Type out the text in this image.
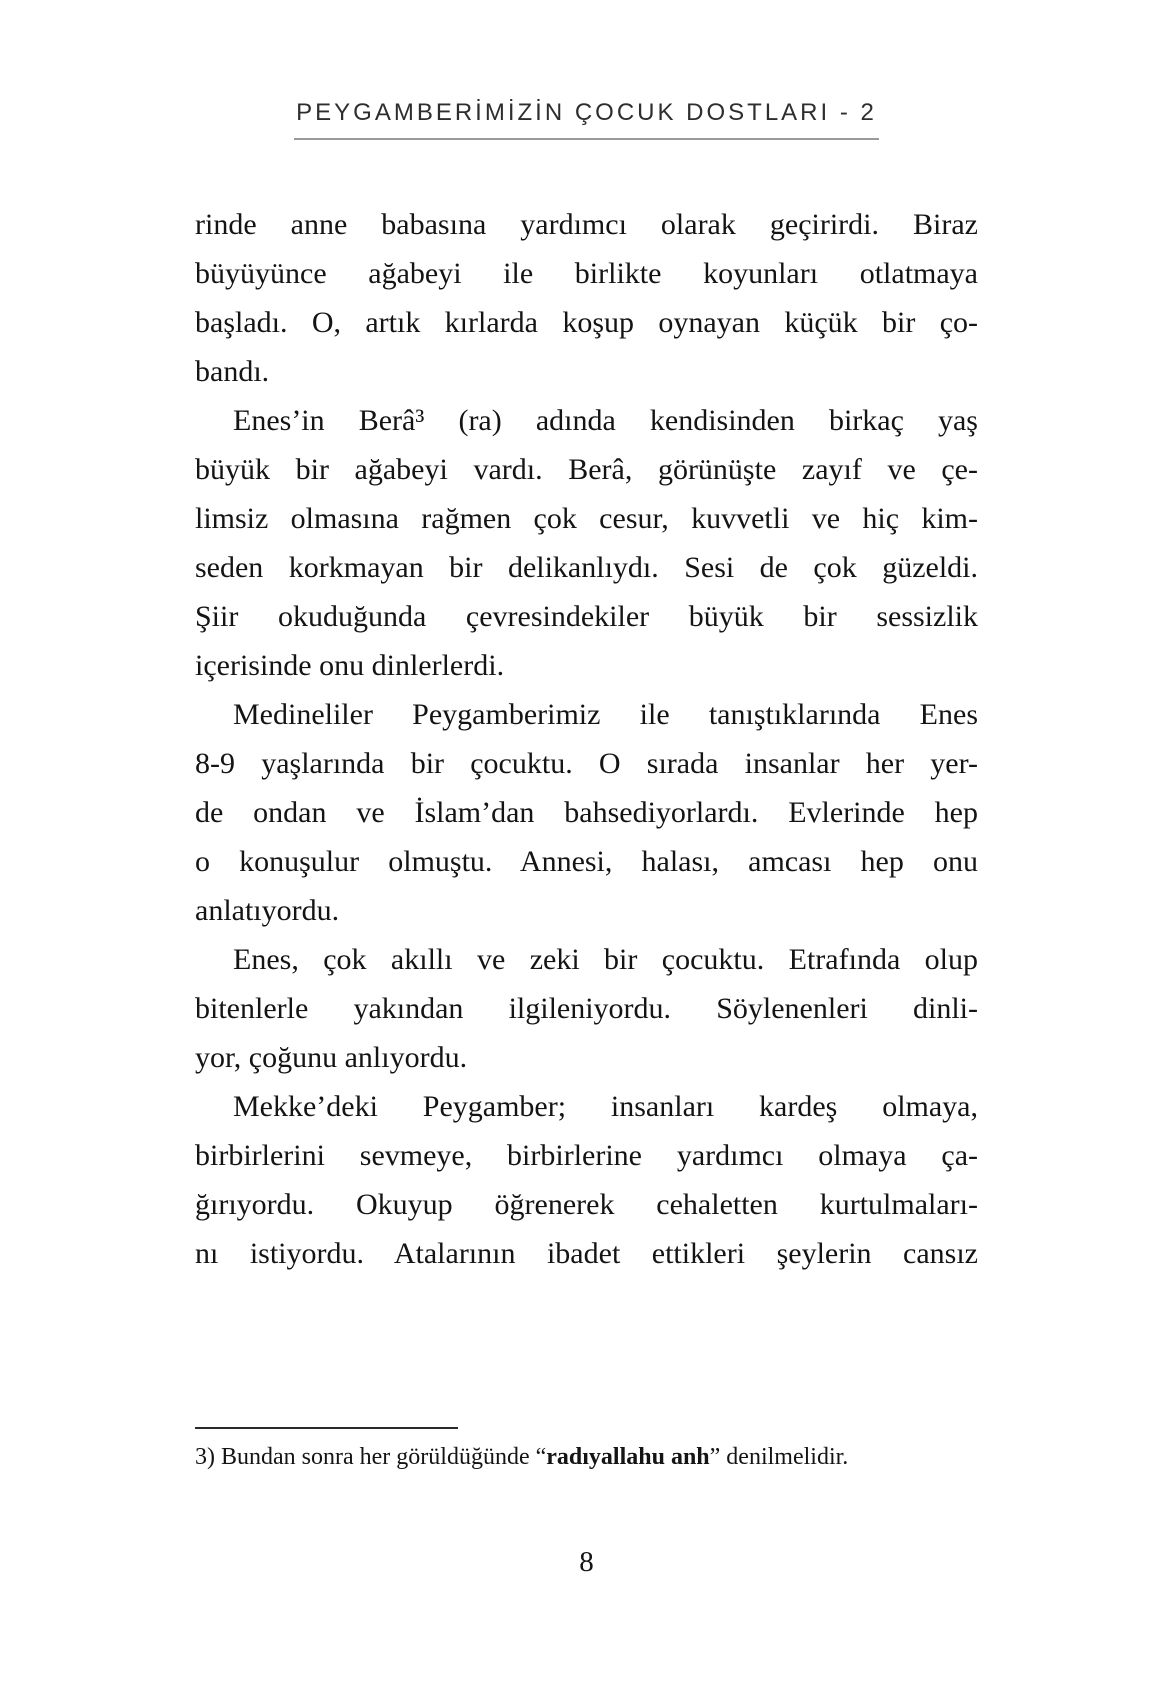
PEYGAMBERİMİZİN ÇOCUK DOSTLARI - 2
rinde anne babasına yardımcı olarak geçirirdi. Biraz
büyüyünce ağabeyi ile birlikte koyunları otlatmaya
başladı. O, artık kırlarda koşup oynayan küçük bir ço-
bandı.
Enes’in Berâ³ (ra) adında kendisinden birkaç yaş
büyük bir ağabeyi vardı. Berâ, görünüşte zayıf ve çe-
limsiz olmasına rağmen çok cesur, kuvvetli ve hiç kim-
seden korkmayan bir delikanlıydı. Sesi de çok güzeldi.
Şiir okuduğunda çevresindekiler büyük bir sessizlik
içerisinde onu dinlerlerdi.
Medineliler Peygamberimiz ile tanıştıklarında Enes
8-9 yaşlarında bir çocuktu. O sırada insanlar her yer-
de ondan ve İslam’dan bahsediyorlardı. Evlerinde hep
o konuşulur olmuştu. Annesi, halası, amcası hep onu
anlatıyordu.
Enes, çok akıllı ve zeki bir çocuktu. Etrafında olup
bitenlerle yakından ilgileniyordu. Söylenenleri dinli-
yor, çoğunu anlıyordu.
Mekke’deki Peygamber; insanları kardeş olmaya,
birbirlerini sevmeye, birbirlerine yardımcı olmaya ça-
ğırıyordu. Okuyup öğrenerek cehaletten kurtulmaları-
nı istiyordu. Atalarının ibadet ettikleri şeylerin cansız
3) Bundan sonra her görüldüğünde “radıyallahu anh” denilmelidir.
8
